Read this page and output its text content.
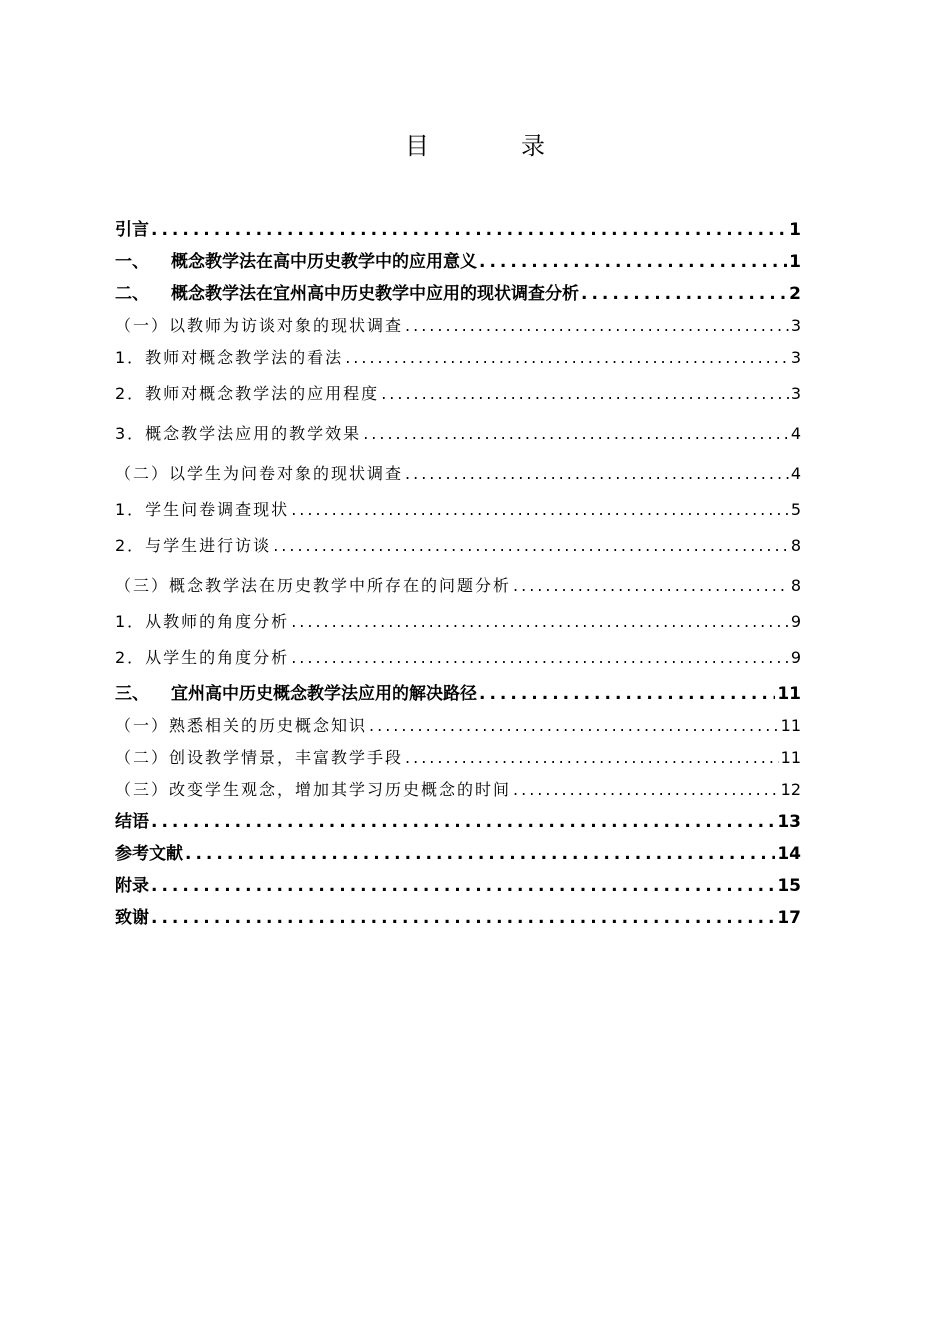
目　录
引言 .....	1
一、 概念教学法在高中历史教学中的应用意义 .....	1
二、 概念教学法在宜州高中历史教学中应用的现状调查分析 .....	2
（一）以教师为访谈对象的现状调查 .....	3
1．教师对概念教学法的看法 .....	3
2．教师对概念教学法的应用程度 .....	3
3．概念教学法应用的教学效果 .....	4
（二）以学生为问卷对象的现状调查 .....	4
1．学生问卷调查现状 .....	5
2．与学生进行访谈 .....	8
（三）概念教学法在历史教学中所存在的问题分析 .....	8
1．从教师的角度分析 .....	9
2．从学生的角度分析 .....	9
三、 宜州高中历史概念教学法应用的解决路径 .....	11
（一）熟悉相关的历史概念知识 .....	11
（二）创设教学情景，丰富教学手段 .....	11
（三）改变学生观念，增加其学习历史概念的时间 .....	12
结语 .....	13
参考文献 .....	14
附录 .....	15
致谢 .....	17
